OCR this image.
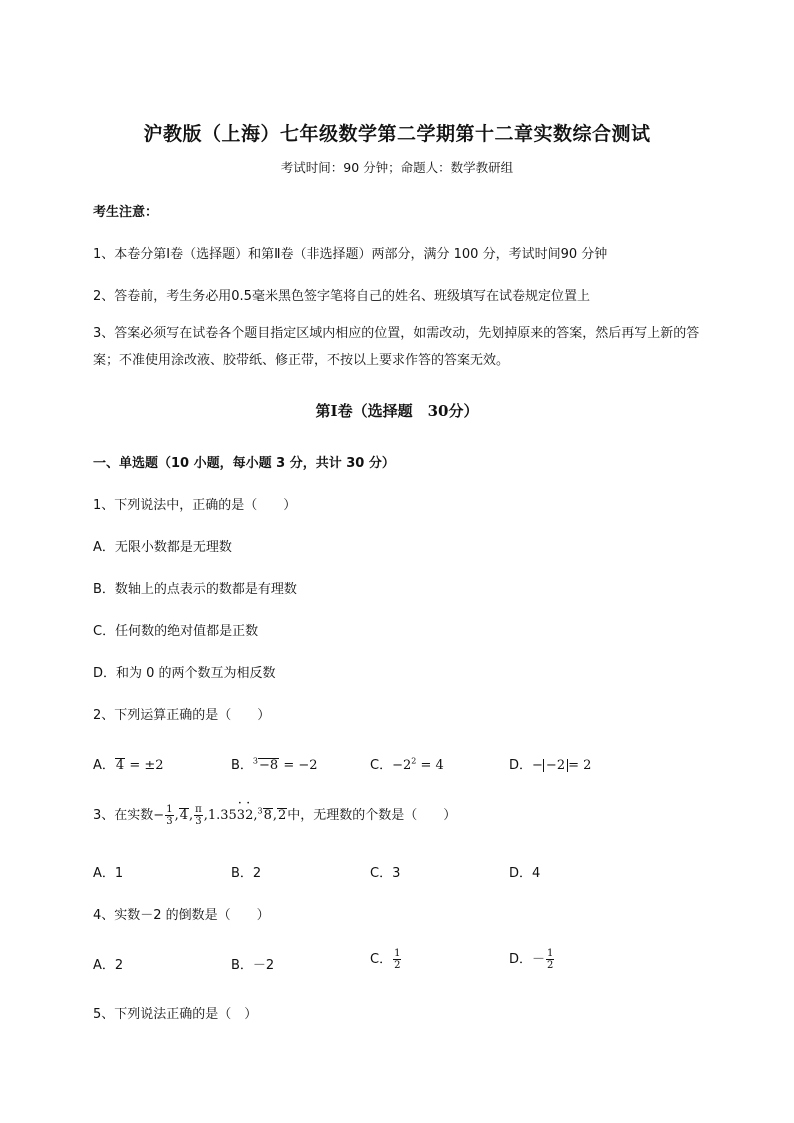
沪教版（上海）七年级数学第二学期第十二章实数综合测试
考试时间：90 分钟；命题人：数学教研组
考生注意：
1、本卷分第Ⅰ卷（选择题）和第Ⅱ卷（非选择题）两部分，满分 100 分，考试时间90 分钟
2、答卷前，考生务必用0.5毫米黑色签字笔将自己的姓名、班级填写在试卷规定位置上
3、答案必须写在试卷各个题目指定区域内相应的位置，如需改动，先划掉原来的答案，然后再写上新的答案；不准使用涂改液、胶带纸、修正带，不按以上要求作答的答案无效。
第Ⅰ卷（选择题　30分）
一、单选题（10 小题，每小题 3 分，共计 30 分）
1、下列说法中，正确的是（　　）
A．无限小数都是无理数
B．数轴上的点表示的数都是有理数
C．任何数的绝对值都是正数
D．和为 0 的两个数互为相反数
2、下列运算正确的是（　　）
A．4 = ±2	B．$^3$−8 = −2	C．$-2^2 = 4$	D．− −2 = 2
3、在实数− $\frac{1}{3} ,4$, $\frac{\pi}{3} ,1.35\cdot 3\cdot 2,^38,2$中，无理数的个数是（　　）
A．1	B．2	C．3	D．4
4、实数－2 的倒数是（　　）
A．2	B．－2	C． $\frac{1}{2}$	D．－ $\frac{1}{2}$
5、下列说法正确的是（　）
